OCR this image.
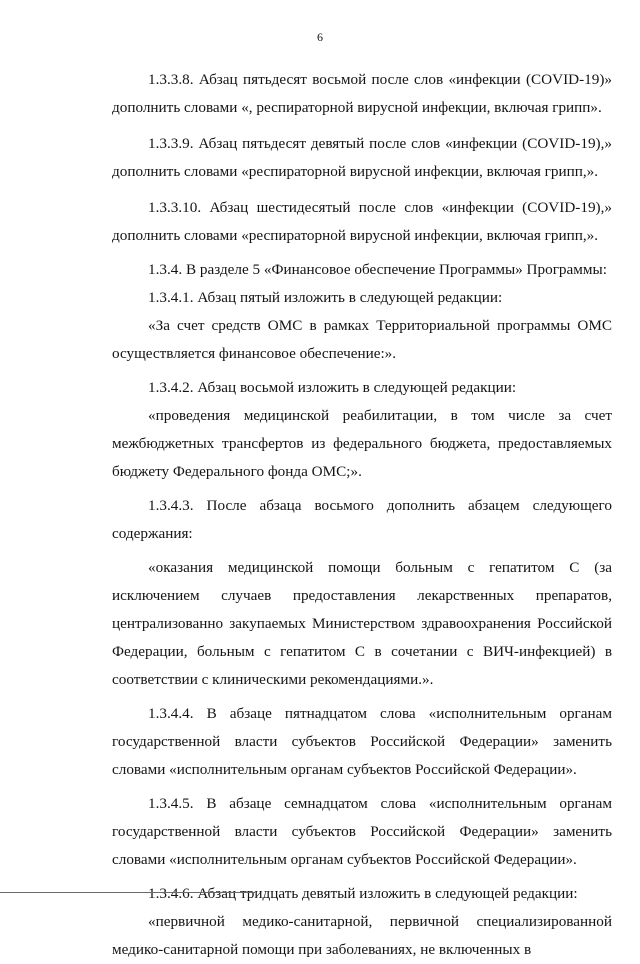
6

1.3.3.8. Абзац пятьдесят восьмой после слов «инфекции (COVID-19)» дополнить словами «, респираторной вирусной инфекции, включая грипп».

1.3.3.9. Абзац пятьдесят девятый после слов «инфекции (COVID-19),» дополнить словами «респираторной вирусной инфекции, включая грипп,».

1.3.3.10. Абзац шестидесятый после слов «инфекции (COVID-19),» дополнить словами «респираторной вирусной инфекции, включая грипп,».

1.3.4. В разделе 5 «Финансовое обеспечение Программы» Программы:

1.3.4.1. Абзац пятый изложить в следующей редакции:

«За счет средств ОМС в рамках Территориальной программы ОМС осуществляется финансовое обеспечение:».

1.3.4.2. Абзац восьмой изложить в следующей редакции:

«проведения медицинской реабилитации, в том числе за счет межбюджетных трансфертов из федерального бюджета, предоставляемых бюджету Федерального фонда ОМС;».

1.3.4.3. После абзаца восьмого дополнить абзацем следующего содержания:

«оказания медицинской помощи больным с гепатитом С (за исключением случаев предоставления лекарственных препаратов, централизованно закупаемых Министерством здравоохранения Российской Федерации, больным с гепатитом С в сочетании с ВИЧ-инфекцией) в соответствии с клиническими рекомендациями.».

1.3.4.4. В абзаце пятнадцатом слова «исполнительным органам государственной власти субъектов Российской Федерации» заменить словами «исполнительным органам субъектов Российской Федерации».

1.3.4.5. В абзаце семнадцатом слова «исполнительным органам государственной власти субъектов Российской Федерации» заменить словами «исполнительным органам субъектов Российской Федерации».

1.3.4.6. Абзац тридцать девятый изложить в следующей редакции:

«первичной медико-санитарной, первичной специализированной медико-санитарной помощи при заболеваниях, не включенных в
